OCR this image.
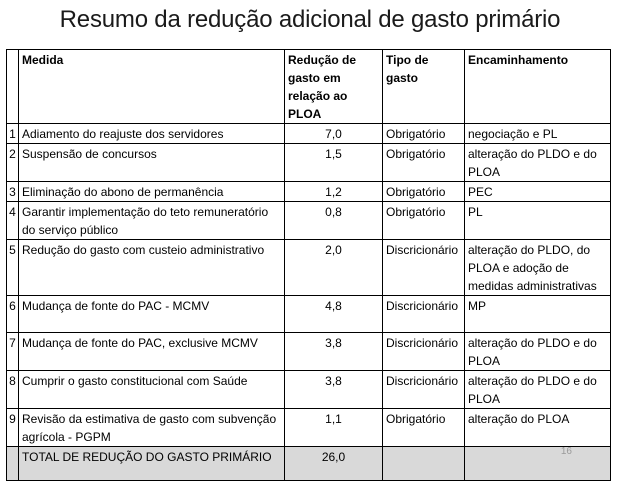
Resumo da redução adicional de gasto primário
	Medida	Redução de gasto em relação ao PLOA	Tipo de gasto	Encaminhamento
1	Adiamento do reajuste dos servidores	7,0	Obrigatório	negociação e PL
2	Suspensão de concursos	1,5	Obrigatório	alteração do PLDO e do PLOA
3	Eliminação do abono de permanência	1,2	Obrigatório	PEC
4	Garantir implementação do teto remuneratório do serviço público	0,8	Obrigatório	PL
5	Redução do gasto com custeio administrativo	2,0	Discricionário	alteração do PLDO, do PLOA e adoção de medidas administrativas
6	Mudança de fonte do PAC - MCMV	4,8	Discricionário	MP
7	Mudança de fonte do PAC, exclusive MCMV	3,8	Discricionário	alteração do PLDO e do PLOA
8	Cumprir o gasto constitucional com Saúde	3,8	Discricionário	alteração do PLDO e do PLOA
9	Revisão da estimativa de gasto com subvenção agrícola - PGPM	1,1	Obrigatório	alteração do PLOA
	TOTAL DE REDUÇÃO DO GASTO PRIMÁRIO	26,0			16
